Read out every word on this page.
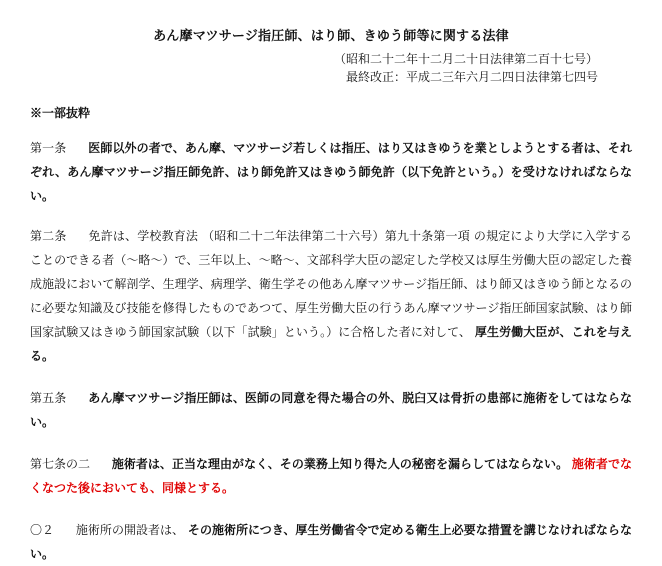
あん摩マツサージ指圧師、はり師、きゆう師等に関する法律
（昭和二十二年十二月二十日法律第二百十七号）
最終改正：平成二三年六月二四日法律第七四号
※一部抜粋
第一条 医師以外の者で、あん摩、マツサージ若しくは指圧、はり又はきゆうを業としようとする者は、それぞれ、あん摩マツサージ指圧師免許、はり師免許又はきゆう師免許（以下免許という。）を受けなければならない。
第二条 免許は、学校教育法 （昭和二十二年法律第二十六号）第九十条第一項 の規定により大学に入学することのできる者（～略～）で、三年以上、～略～、文部科学大臣の認定した学校又は厚生労働大臣の認定した養成施設において解剖学、生理学、病理学、衛生学その他あん摩マツサージ指圧師、はり師又はきゆう師となるのに必要な知識及び技能を修得したものであつて、厚生労働大臣の行うあん摩マツサージ指圧師国家試験、はり師国家試験又はきゆう師国家試験（以下「試験」という。）に合格した者に対して、 厚生労働大臣が、これを与える。
第五条 あん摩マツサージ指圧師は、医師の同意を得た場合の外、脱臼又は骨折の患部に施術をしてはならない。
第七条の二 施術者は、正当な理由がなく、その業務上知り得た人の秘密を漏らしてはならない。 施術者でなくなつた後においても、同様とする。
〇２ 施術所の開設者は、 その施術所につき、厚生労働省令で定める衛生上必要な措置を講じなければならない。
